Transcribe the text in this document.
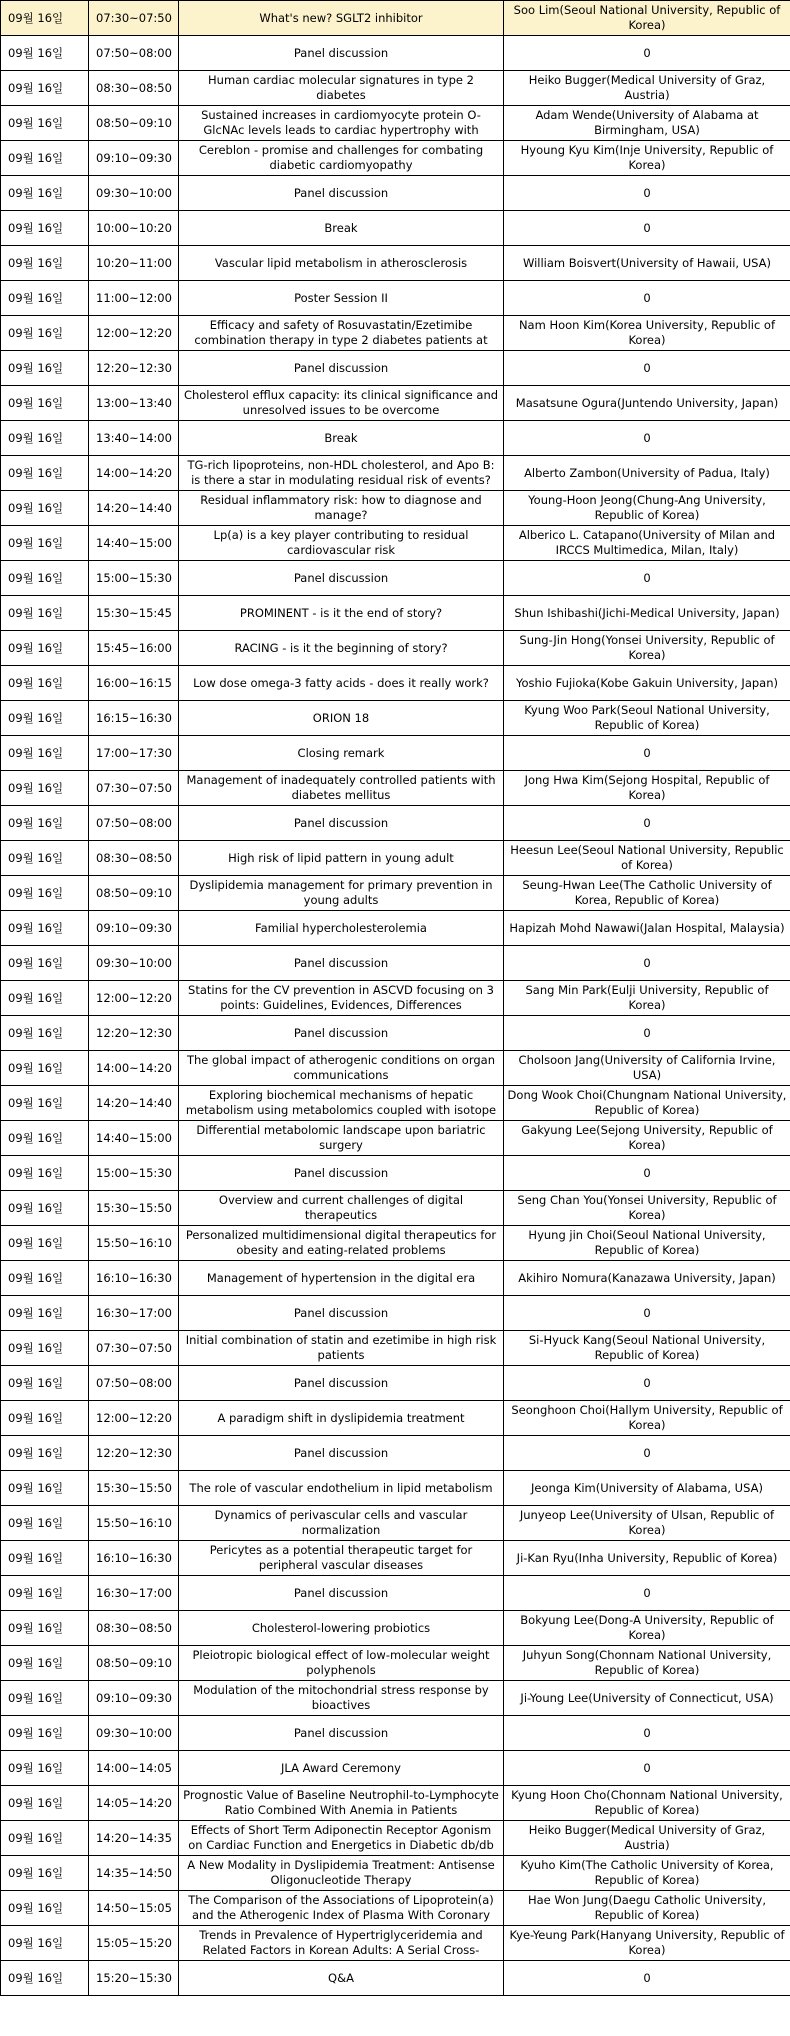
09월 16일	07:30~07:50	What's new? SGLT2 inhibitor	Soo Lim(Seoul National University, Republic of Korea)

09월 16일	07:50~08:00	Panel discussion	0

09월 16일	08:30~08:50	Human cardiac molecular signatures in type 2 diabetes	Heiko Bugger(Medical University of Graz, Austria)

09월 16일	08:50~09:10	Sustained increases in cardiomyocyte protein O-GlcNAc levels leads to cardiac hypertrophy with	Adam Wende(University of Alabama at Birmingham, USA)

09월 16일	09:10~09:30	Cereblon - promise and challenges for combating diabetic cardiomyopathy	Hyoung Kyu Kim(Inje University, Republic of Korea)

09월 16일	09:30~10:00	Panel discussion	0

09월 16일	10:00~10:20	Break	0

09월 16일	10:20~11:00	Vascular lipid metabolism in atherosclerosis	William Boisvert(University of Hawaii, USA)

09월 16일	11:00~12:00	Poster Session II	0

09월 16일	12:00~12:20	Efficacy and safety of Rosuvastatin/Ezetimibe combination therapy in type 2 diabetes patients at	Nam Hoon Kim(Korea University, Republic of Korea)

09월 16일	12:20~12:30	Panel discussion	0

09월 16일	13:00~13:40	Cholesterol efflux capacity: its clinical significance and unresolved issues to be overcome	Masatsune Ogura(Juntendo University, Japan)

09월 16일	13:40~14:00	Break	0

09월 16일	14:00~14:20	TG-rich lipoproteins, non-HDL cholesterol, and Apo B: is there a star in modulating residual risk of events?	Alberto Zambon(University of Padua, Italy)

09월 16일	14:20~14:40	Residual inflammatory risk: how to diagnose and manage?	Young-Hoon Jeong(Chung-Ang University, Republic of Korea)

09월 16일	14:40~15:00	Lp(a) is a key player contributing to residual cardiovascular risk	Alberico L. Catapano(University of Milan and IRCCS Multimedica, Milan, Italy)

09월 16일	15:00~15:30	Panel discussion	0

09월 16일	15:30~15:45	PROMINENT - is it the end of story?	Shun Ishibashi(Jichi-Medical University, Japan)

09월 16일	15:45~16:00	RACING - is it the beginning of story?	Sung-Jin Hong(Yonsei University, Republic of Korea)

09월 16일	16:00~16:15	Low dose omega-3 fatty acids - does it really work?	Yoshio Fujioka(Kobe Gakuin University, Japan)

09월 16일	16:15~16:30	ORION 18	Kyung Woo Park(Seoul National University, Republic of Korea)

09월 16일	17:00~17:30	Closing remark	0

09월 16일	07:30~07:50	Management of inadequately controlled patients with diabetes mellitus	Jong Hwa Kim(Sejong Hospital, Republic of Korea)

09월 16일	07:50~08:00	Panel discussion	0

09월 16일	08:30~08:50	High risk of lipid pattern in young adult	Heesun Lee(Seoul National University, Republic of Korea)

09월 16일	08:50~09:10	Dyslipidemia management for primary prevention in young adults	Seung-Hwan Lee(The Catholic University of Korea, Republic of Korea)

09월 16일	09:10~09:30	Familial hypercholesterolemia	Hapizah Mohd Nawawi(Jalan Hospital, Malaysia)

09월 16일	09:30~10:00	Panel discussion	0

09월 16일	12:00~12:20	Statins for the CV prevention in ASCVD focusing on 3 points: Guidelines, Evidences, Differences	Sang Min Park(Eulji University, Republic of Korea)

09월 16일	12:20~12:30	Panel discussion	0

09월 16일	14:00~14:20	The global impact of atherogenic conditions on organ communications	Cholsoon Jang(University of California Irvine, USA)

09월 16일	14:20~14:40	Exploring biochemical mechanisms of hepatic metabolism using metabolomics coupled with isotope	Dong Wook Choi(Chungnam National University, Republic of Korea)

09월 16일	14:40~15:00	Differential metabolomic landscape upon bariatric surgery	Gakyung Lee(Sejong University, Republic of Korea)

09월 16일	15:00~15:30	Panel discussion	0

09월 16일	15:30~15:50	Overview and current challenges of digital therapeutics	Seng Chan You(Yonsei University, Republic of Korea)

09월 16일	15:50~16:10	Personalized multidimensional digital therapeutics for obesity and eating-related problems	Hyung jin Choi(Seoul National University, Republic of Korea)

09월 16일	16:10~16:30	Management of hypertension in the digital era	Akihiro Nomura(Kanazawa University, Japan)

09월 16일	16:30~17:00	Panel discussion	0

09월 16일	07:30~07:50	Initial combination of statin and ezetimibe in high risk patients	Si-Hyuck Kang(Seoul National University, Republic of Korea)

09월 16일	07:50~08:00	Panel discussion	0

09월 16일	12:00~12:20	A paradigm shift in dyslipidemia treatment	Seonghoon Choi(Hallym University, Republic of Korea)

09월 16일	12:20~12:30	Panel discussion	0

09월 16일	15:30~15:50	The role of vascular endothelium in lipid metabolism	Jeonga Kim(University of Alabama, USA)

09월 16일	15:50~16:10	Dynamics of perivascular cells and vascular normalization	Junyeop Lee(University of Ulsan, Republic of Korea)

09월 16일	16:10~16:30	Pericytes as a potential therapeutic target for peripheral vascular diseases	Ji-Kan Ryu(Inha University, Republic of Korea)

09월 16일	16:30~17:00	Panel discussion	0

09월 16일	08:30~08:50	Cholesterol-lowering probiotics	Bokyung Lee(Dong-A University, Republic of Korea)

09월 16일	08:50~09:10	Pleiotropic biological effect of low-molecular weight polyphenols	Juhyun Song(Chonnam National University, Republic of Korea)

09월 16일	09:10~09:30	Modulation of the mitochondrial stress response by bioactives	Ji-Young Lee(University of Connecticut, USA)

09월 16일	09:30~10:00	Panel discussion	0

09월 16일	14:00~14:05	JLA Award Ceremony	0

09월 16일	14:05~14:20	Prognostic Value of Baseline Neutrophil-to-Lymphocyte Ratio Combined With Anemia in Patients	Kyung Hoon Cho(Chonnam National University, Republic of Korea)

09월 16일	14:20~14:35	Effects of Short Term Adiponectin Receptor Agonism on Cardiac Function and Energetics in Diabetic db/db	Heiko Bugger(Medical University of Graz, Austria)

09월 16일	14:35~14:50	A New Modality in Dyslipidemia Treatment: Antisense Oligonucleotide Therapy	Kyuho Kim(The Catholic University of Korea, Republic of Korea)

09월 16일	14:50~15:05	The Comparison of the Associations of Lipoprotein(a) and the Atherogenic Index of Plasma With Coronary	Hae Won Jung(Daegu Catholic University, Republic of Korea)

09월 16일	15:05~15:20	Trends in Prevalence of Hypertriglyceridemia and Related Factors in Korean Adults: A Serial Cross-	Kye-Yeung Park(Hanyang University, Republic of Korea)

09월 16일	15:20~15:30	Q&A	0
